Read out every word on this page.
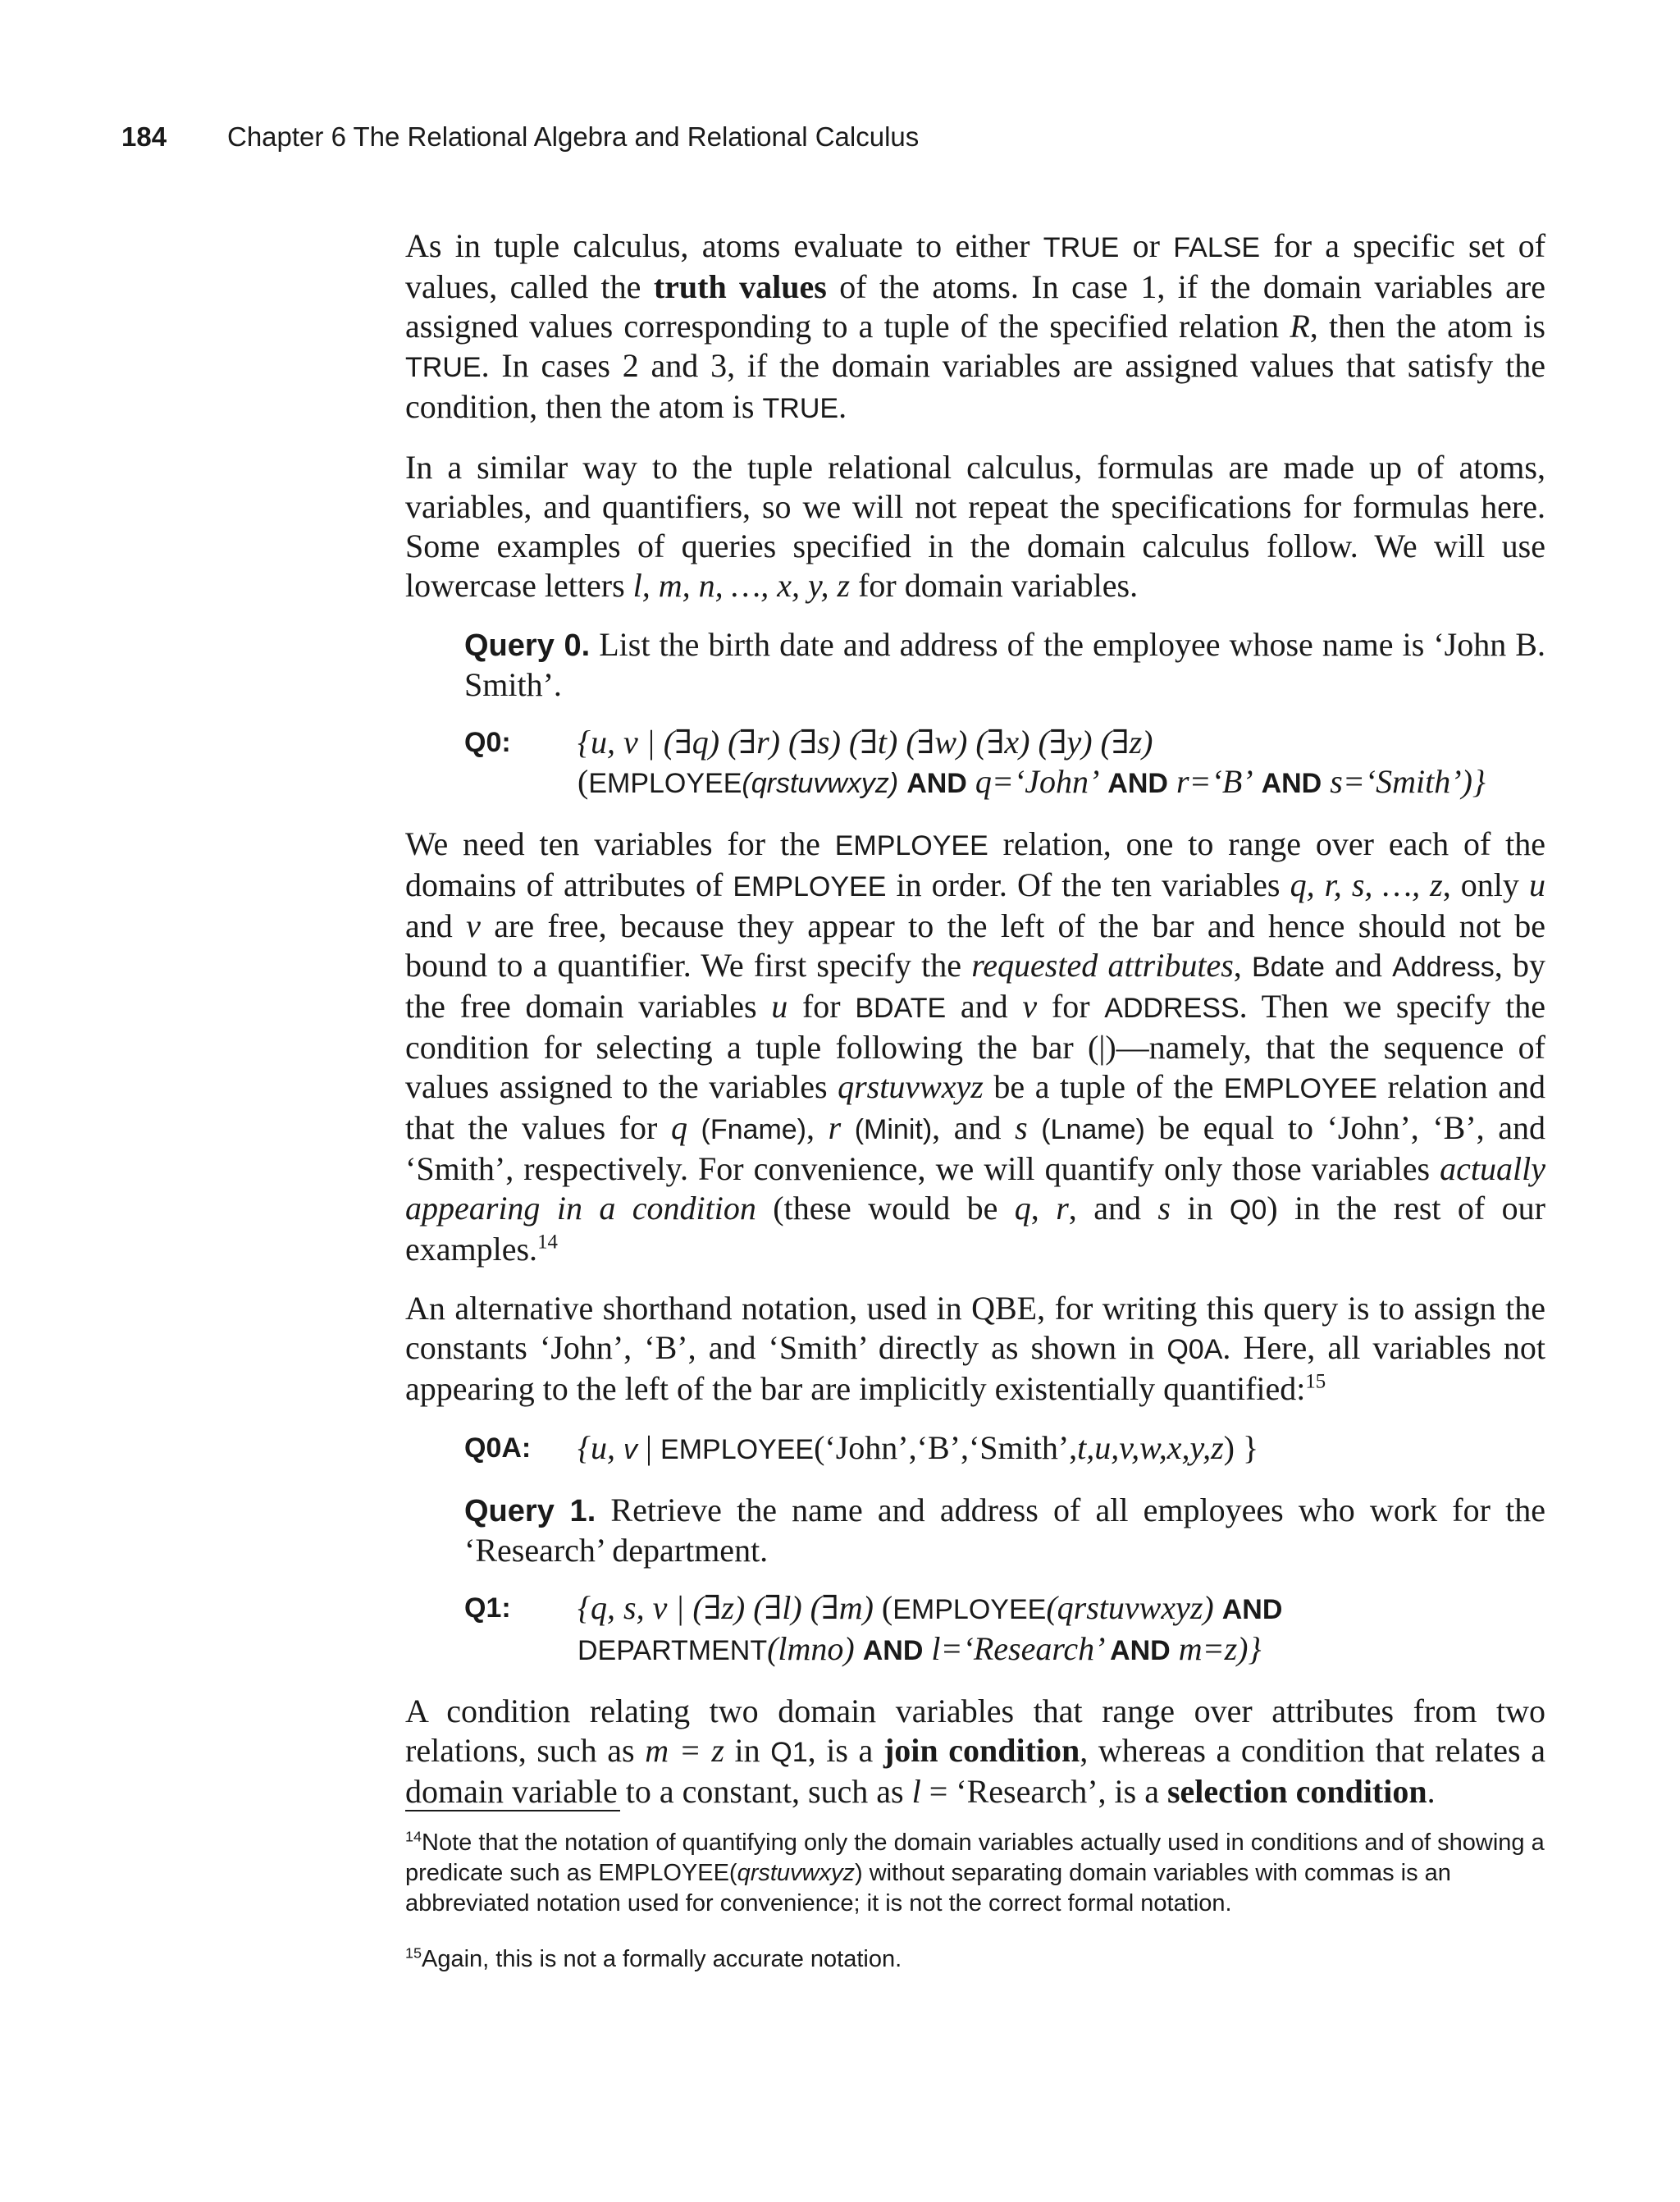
184 Chapter 6 The Relational Algebra and Relational Calculus

As in tuple calculus, atoms evaluate to either TRUE or FALSE for a specific set of values, called the truth values of the atoms. In case 1, if the domain variables are assigned values corresponding to a tuple of the specified relation R, then the atom is TRUE. In cases 2 and 3, if the domain variables are assigned values that satisfy the condition, then the atom is TRUE.

In a similar way to the tuple relational calculus, formulas are made up of atoms, variables, and quantifiers, so we will not repeat the specifications for formulas here. Some examples of queries specified in the domain calculus follow. We will use lowercase letters l, m, n, …, x, y, z for domain variables.

Query 0. List the birth date and address of the employee whose name is ‘John B. Smith’.

Q0: {u, v | (∃q) (∃r) (∃s) (∃t) (∃w) (∃x) (∃y) (∃z)
(EMPLOYEE(qrstuvwxyz) AND q=‘John’ AND r=‘B’ AND s=‘Smith’)}

We need ten variables for the EMPLOYEE relation, one to range over each of the domains of attributes of EMPLOYEE in order. Of the ten variables q, r, s, …, z, only u and v are free, because they appear to the left of the bar and hence should not be bound to a quantifier. We first specify the requested attributes, Bdate and Address, by the free domain variables u for BDATE and v for ADDRESS. Then we specify the condition for selecting a tuple following the bar (|)—namely, that the sequence of values assigned to the variables qrstuvwxyz be a tuple of the EMPLOYEE relation and that the values for q (Fname), r (Minit), and s (Lname) be equal to ‘John’, ‘B’, and ‘Smith’, respectively. For convenience, we will quantify only those variables actually appearing in a condition (these would be q, r, and s in Q0) in the rest of our examples.$^{14}$

An alternative shorthand notation, used in QBE, for writing this query is to assign the constants ‘John’, ‘B’, and ‘Smith’ directly as shown in Q0A. Here, all variables not appearing to the left of the bar are implicitly existentially quantified:$^{15}$

Q0A: {u, v | EMPLOYEE(‘John’,‘B’,‘Smith’,t,u,v,w,x,y,z) }

Query 1. Retrieve the name and address of all employees who work for the ‘Research’ department.

Q1: {q, s, v | (∃z) (∃l) (∃m) (EMPLOYEE(qrstuvwxyz) AND
DEPARTMENT(lmno) AND l=‘Research’ AND m=z)}

A condition relating two domain variables that range over attributes from two relations, such as m = z in Q1, is a join condition, whereas a condition that relates a domain variable to a constant, such as l = ‘Research’, is a selection condition.

$^{14}$Note that the notation of quantifying only the domain variables actually used in conditions and of showing a predicate such as EMPLOYEE(qrstuvwxyz) without separating domain variables with commas is an abbreviated notation used for convenience; it is not the correct formal notation.
$^{15}$Again, this is not a formally accurate notation.
